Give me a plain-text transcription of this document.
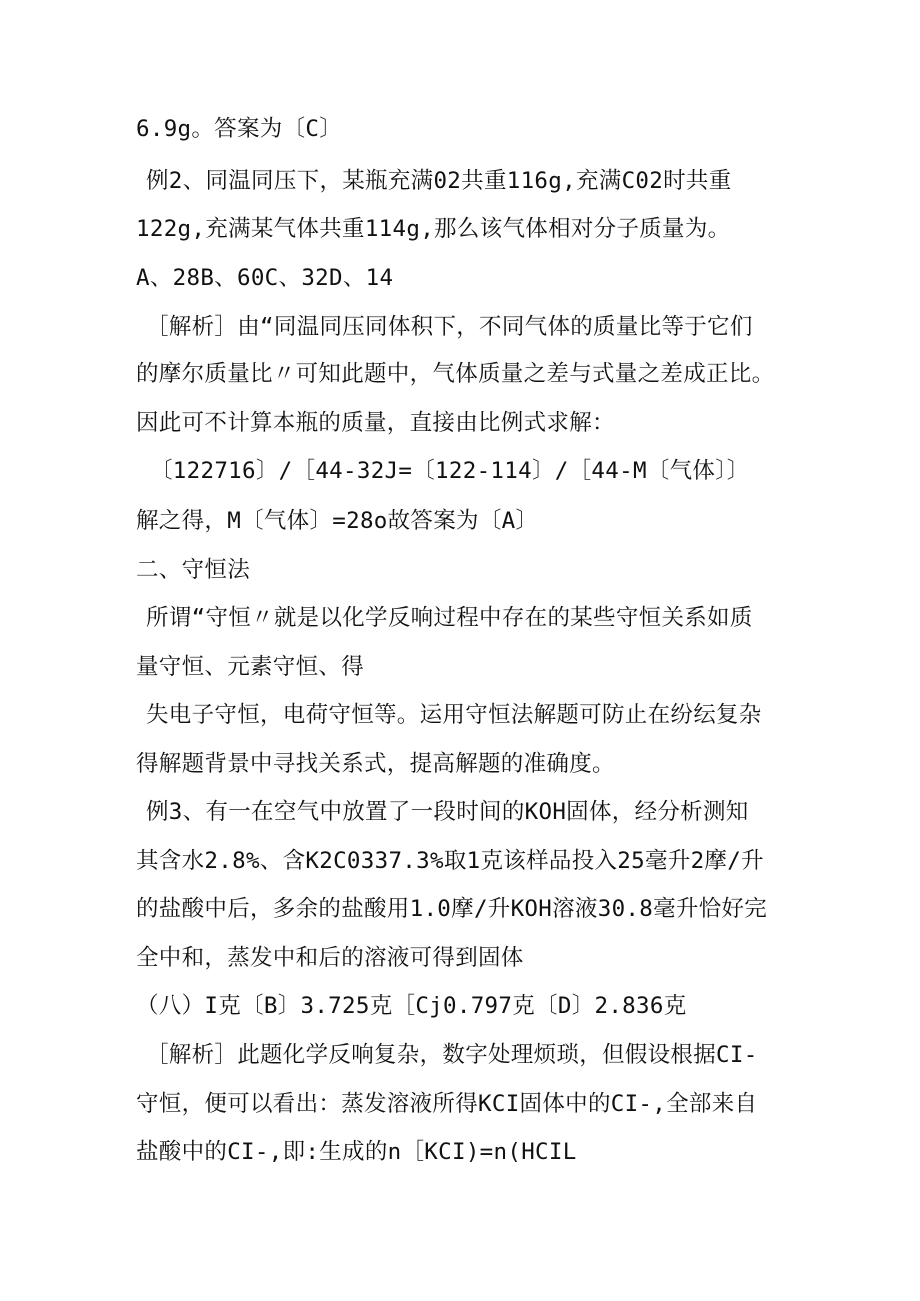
6.9g。答案为〔C〕
例2、同温同压下，某瓶充满02共重116g,充满C02时共重
122g,充满某气体共重114g,那么该气体相对分子质量为。
A、28B、60C、32D、14
［解析］由“同温同压同体积下，不同气体的质量比等于它们
的摩尔质量比〃可知此题中，气体质量之差与式量之差成正比。
因此可不计算本瓶的质量，直接由比例式求解：
〔122716〕/［44-32J=〔122-114〕/［44-M〔气体〕〕
解之得，M〔气体〕=28o故答案为〔A〕
二、守恒法
所谓“守恒〃就是以化学反响过程中存在的某些守恒关系如质
量守恒、元素守恒、得
失电子守恒，电荷守恒等。运用守恒法解题可防止在纷纭复杂
得解题背景中寻找关系式，提高解题的准确度。
例3、有一在空气中放置了一段时间的KOH固体，经分析测知
其含水2.8%、含K2C0337.3%取1克该样品投入25毫升2摩/升
的盐酸中后，多余的盐酸用1.0摩/升KOH溶液30.8毫升恰好完
全中和，蒸发中和后的溶液可得到固体
（八）I克〔B〕3.725克［Cj0.797克〔D〕2.836克
［解析］此题化学反响复杂，数字处理烦琐，但假设根据CI-
守恒，便可以看出：蒸发溶液所得KCI固体中的CI-,全部来自
盐酸中的CI-,即:生成的n［KCI)=n(HCIL
